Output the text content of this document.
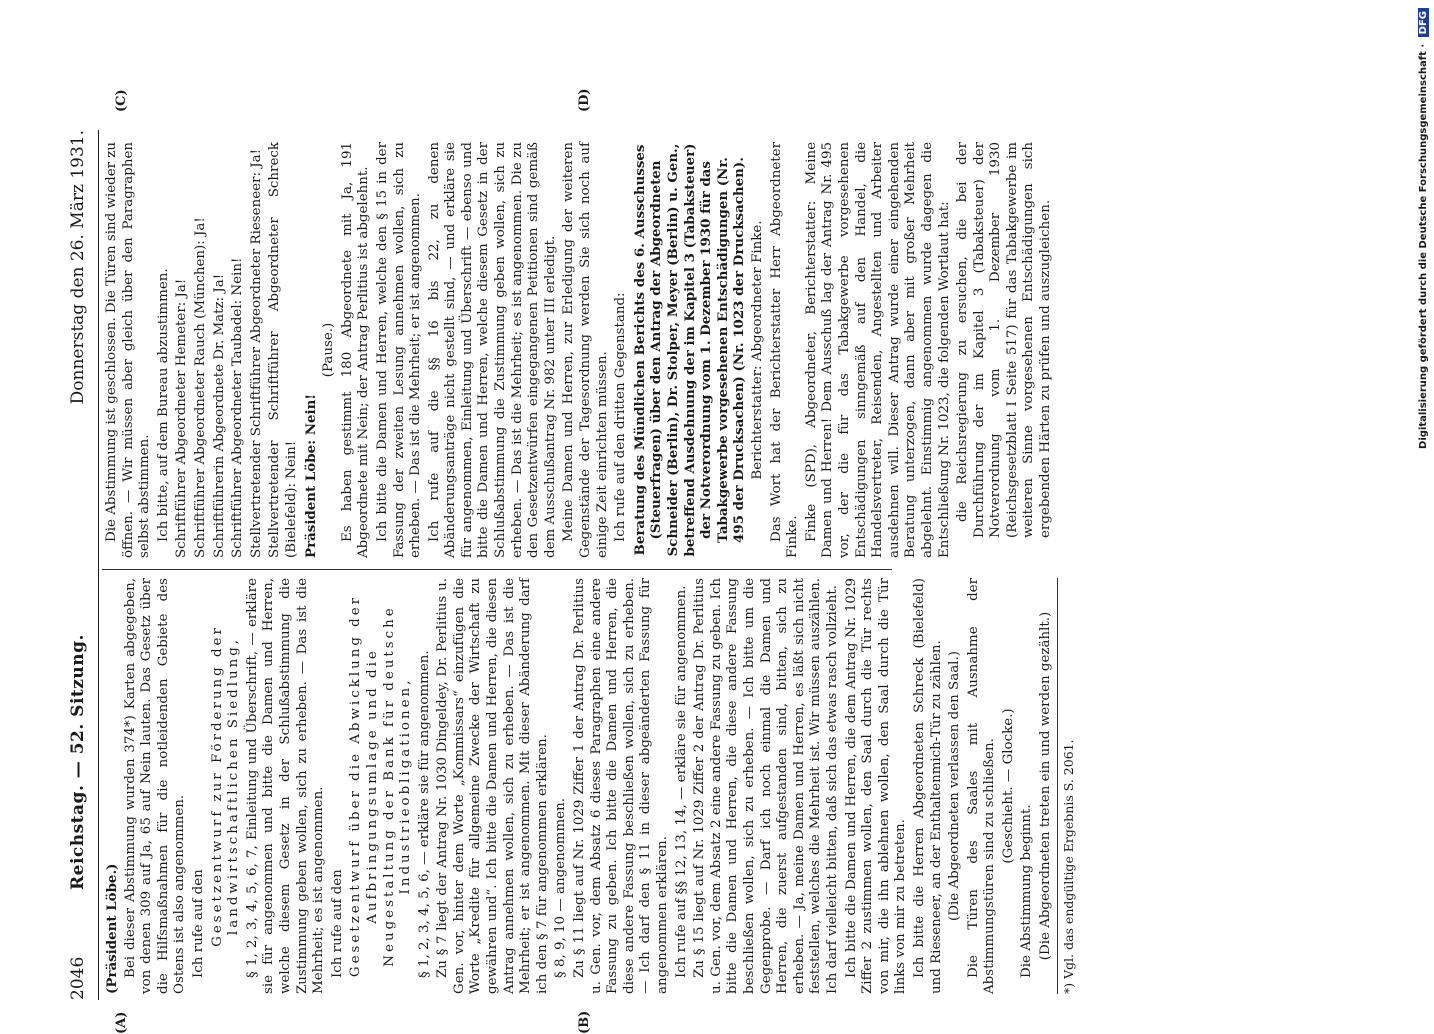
2046
Reichstag. — 52. Sitzung.
Donnerstag den 26. März 1931.
(A)	(B)
(C)	(D)

(Präsident Löbe.) Bei dieser Abstimmung wurden 374*) Karten abgegeben, von denen 309 auf Ja, 65 auf Nein lauten. Das Gesetz über die Hilfsmaßnahmen für die notleidenden Gebiete des Ostens ist also angenommen. Ich rufe auf den Gesetzentwurf zur Förderung der landwirtschaftlichen Siedlung, § 1, 2, 3, 4, 5, 6, 7, Einleitung und Überschrift, — erkläre sie für angenommen und bitte die Damen und Herren, welche diesem Gesetz in der Schlußabstimmung die Zustimmung geben wollen, sich zu erheben. — Das ist die Mehrheit; es ist angenommen. Ich rufe auf den Gesetzentwurf über die Abwicklung der Aufbringungsumlage und die Neugestaltung der Bank für deutsche Industrieobligationen, § 1, 2, 3, 4, 5, 6, — erkläre sie für angenommen. Zu § 7 liegt der Antrag Nr. 1030 Dingeldey, Dr. Perlitius u. Gen. vor, hinter dem Worte „Kommissars“ einzufügen die Worte „Kredite für allgemeine Zwecke der Wirtschaft zu gewähren und“. Ich bitte die Damen und Herren, die diesen Antrag annehmen wollen, sich zu erheben. — Das ist die Mehrheit; er ist angenommen. Mit dieser Abänderung darf ich den § 7 für angenommen erklären. § 8, 9, 10 — angenommen. Zu § 11 liegt auf Nr. 1029 Ziffer 1 der Antrag Dr. Perlitius u. Gen. vor, dem Absatz 6 dieses Paragraphen eine andere Fassung zu geben. Ich bitte die Damen und Herren, die diese andere Fassung beschließen wollen, sich zu erheben. — Ich darf den § 11 in dieser abgeänderten Fassung für angenommen erklären. Ich rufe auf §§ 12, 13, 14, — erkläre sie für angenommen. Zu § 15 liegt auf Nr. 1029 Ziffer 2 der Antrag Dr. Perlitius u. Gen. vor, dem Absatz 2 eine andere Fassung zu geben. Ich bitte die Damen und Herren, die diese andere Fassung beschließen wollen, sich zu erheben. — Ich bitte um die Gegenprobe. — Darf ich noch einmal die Damen und Herren, die zuerst aufgestanden sind, bitten, sich zu erheben. — Ja, meine Damen und Herren, es läßt sich nicht feststellen, welches die Mehrheit ist. Wir müssen auszählen. Ich darf vielleicht bitten, daß sich das etwas rasch vollzieht. Ich bitte die Damen und Herren, die dem Antrag Nr. 1029 Ziffer 2 zustimmen wollen, den Saal durch die Tür rechts von mir, die ihn ablehnen wollen, den Saal durch die Tür links von mir zu betreten. Ich bitte die Herren Abgeordneten Schreck (Bielefeld) und Rieseneer, an der Enthaltenmich-Tür zu zählen. (Die Abgeordneten verlassen den Saal.) Die Türen des Saales mit Ausnahme der Abstimmungstüren sind zu schließen. (Geschieht. — Glocke.)

Die Abstimmung beginnt. (Die Abgeordneten treten ein und werden gezählt.) *) Vgl. das endgültige Ergebnis S. 2061.

Die Abstimmung ist geschlossen. Die Türen sind wieder zu öffnen. — Wir müssen aber gleich über den Paragraphen selbst abstimmen. Ich bitte, auf dem Bureau abzustimmen. Schriftführer Abgeordneter Hemeter: Ja! Schriftführer Abgeordneter Rauch (München): Ja! Schriftführerin Abgeordnete Dr. Matz: Ja! Schriftführer Abgeordneter Taubadel: Nein! Stellvertretender Schriftführer Abgeordneter Rieseneer: Ja! Stellvertretender Schriftführer Abgeordneter Schreck (Bielefeld): Nein! Präsident Löbe: Nein!

(Pause.) Es haben gestimmt 180 Abgeordnete mit Ja, 191 Abgeordnete mit Nein; der Antrag Perlitius ist abgelehnt. Ich bitte die Damen und Herren, welche den § 15 in der Fassung der zweiten Lesung annehmen wollen, sich zu erheben. — Das ist die Mehrheit; er ist angenommen. Ich rufe auf die §§ 16 bis 22, zu denen Abänderungsanträge nicht gestellt sind, — und erkläre sie für angenommen, Einleitung und Überschrift — ebenso und bitte die Damen und Herren, welche diesem Gesetz in der Schlußabstimmung die Zustimmung geben wollen, sich zu erheben. — Das ist die Mehrheit; es ist angenommen. Die zu den Gesetzentwürfen eingegangenen Petitionen sind gemäß dem Ausschußantrag Nr. 982 unter III erledigt. Meine Damen und Herren, zur Erledigung der weiteren Gegenstände der Tagesordnung werden Sie sich noch auf einige Zeit einrichten müssen. Ich rufe auf den dritten Gegenstand: Beratung des Mündlichen Berichts des 6. Ausschusses (Steuerfragen) über den Antrag der Abgeordneten Schneider (Berlin), Dr. Stolper, Meyer (Berlin) u. Gen., betreffend Ausdehnung der im Kapitel 3 (Tabaksteuer) der Notverordnung vom 1. Dezember 1930 für das Tabakgewerbe vorgesehenen Entschädigungen (Nr. 495 der Drucksachen) (Nr. 1023 der Drucksachen). Berichterstatter: Abgeordneter Finke. Das Wort hat der Berichterstatter Herr Abgeordneter Finke. Finke (SPD), Abgeordneter, Berichterstatter: Meine Damen und Herren! Dem Ausschuß lag der Antrag Nr. 495 vor, der die für das Tabakgewerbe vorgesehenen Entschädigungen sinngemäß auf den Handel, die Handelsvertreter, Reisenden, Angestellten und Arbeiter ausdehnen will. Dieser Antrag wurde einer eingehenden Beratung unterzogen, dann aber mit großer Mehrheit abgelehnt. Einstimmig angenommen wurde dagegen die Entschließung Nr. 1023, die folgenden Wortlaut hat: die Reichsregierung zu ersuchen, die bei der Durchführung der im Kapitel 3 (Tabaksteuer) der Notverordnung vom 1. Dezember 1930 (Reichsgesetzblatt I Seite 517) für das Tabakgewerbe im weiteren Sinne vorgesehenen Entschädigungen sich ergebenden Härten zu prüfen und auszugleichen.	Digitalisierung gefördert durch die Deutsche Forschungsgemeinschaft · DFG
